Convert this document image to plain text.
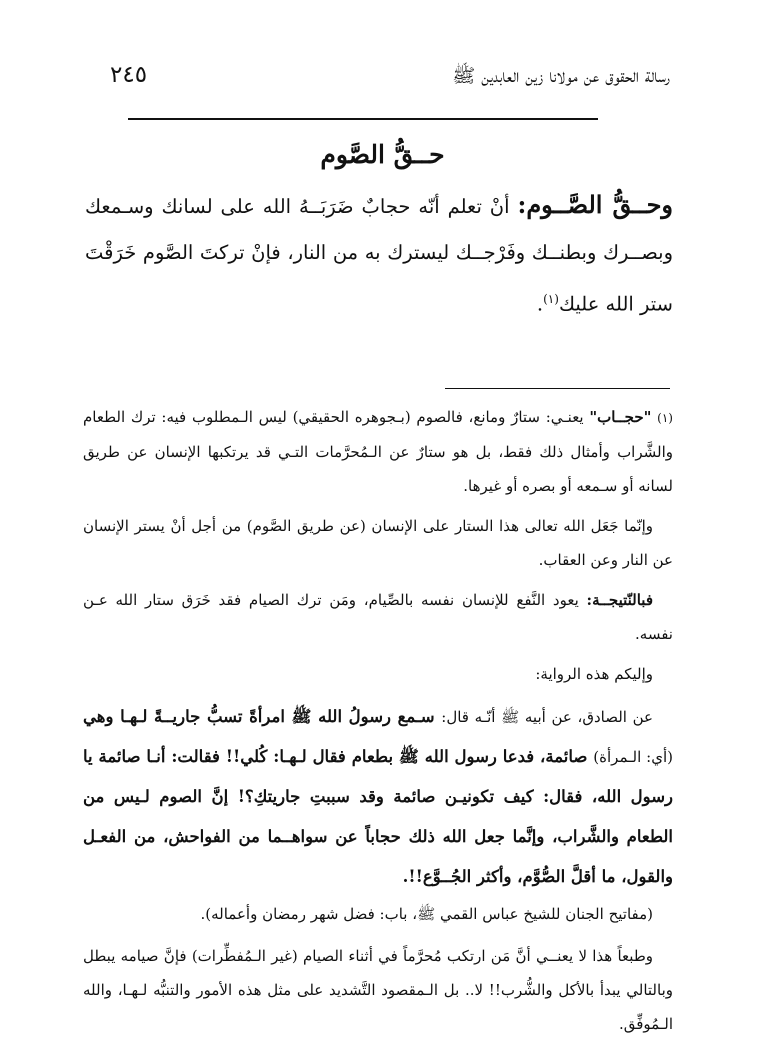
٢٤٥	رسالة الحقوق عن مولانا زين العابدين ﷺ
حــقُّ الصَّوم
وحــقُّ الصَّــوم: أنْ تعلم أنّه حجابٌ ضَرَبَــهُ الله على لسانك وسـمعك وبصــرك وبطنــك وفَرْجــك ليسترك به من النار، فإنْ تركتَ الصَّوم خَرَقْتَ ستر الله عليك$^{(١)}$.

(١) "حجــاب" يعنـي: ستارٌ ومانع، فالصوم (بـجوهره الحقيقي) ليس الـمطلوب فيه: ترك الطعام والشَّراب وأمثال ذلك فقط، بل هو ستارٌ عن الـمُحرَّمات التـي قد يرتكبها الإنسان عن طريق لسانه أو سـمعه أو بصره أو غيرها.

وإنّما جَعَل الله تعالى هذا الستار على الإنسان (عن طريق الصَّوم) من أجل أنْ يستر الإنسان عن النار وعن العقاب.

فبالنّتيجــة: يعود النَّفع للإنسان نفسه بالصِّيام، ومَن ترك الصيام فقد خَرَق ستار الله عـن نفسه.

وإليكم هذه الرواية:

عن الصادق، عن أبيه ﷺ أنّـه قال: سـمع رسولُ الله ﷺ امرأةً تسبُّ جاريــةً لـهـا وهي (أي: الـمرأة) صائمة، فدعا رسول الله ﷺ بطعام فقال لـهـا: كُلي!! فقالت: أنـا صائمة يا رسول الله، فقال: كيف تكونيـن صائمة وقد سببتِ جاريتكِ؟! إنَّ الصوم لـيس من الطعام والشَّراب، وإنَّما جعل الله ذلك حجاباً عن سواهــما من الفواحش، من الفعـل والقول، ما أقلَّ الصُّوَّم، وأكثر الجُــوَّع!!.

(مفاتيح الجنان للشيخ عباس القمي ﷺ، باب: فضل شهر رمضان وأعماله).

وطبعاً هذا لا يعنــي أنَّ مَن ارتكب مُحرَّماً في أثناء الصيام (غير الـمُفطِّرات) فإنَّ صيامه يبطل وبالتالي يبدأ بالأكل والشُّرب!! لا.. بل الـمقصود التَّشديد على مثل هذه الأمور والتنبُّه لـهـا، والله الـمُوفِّق.
